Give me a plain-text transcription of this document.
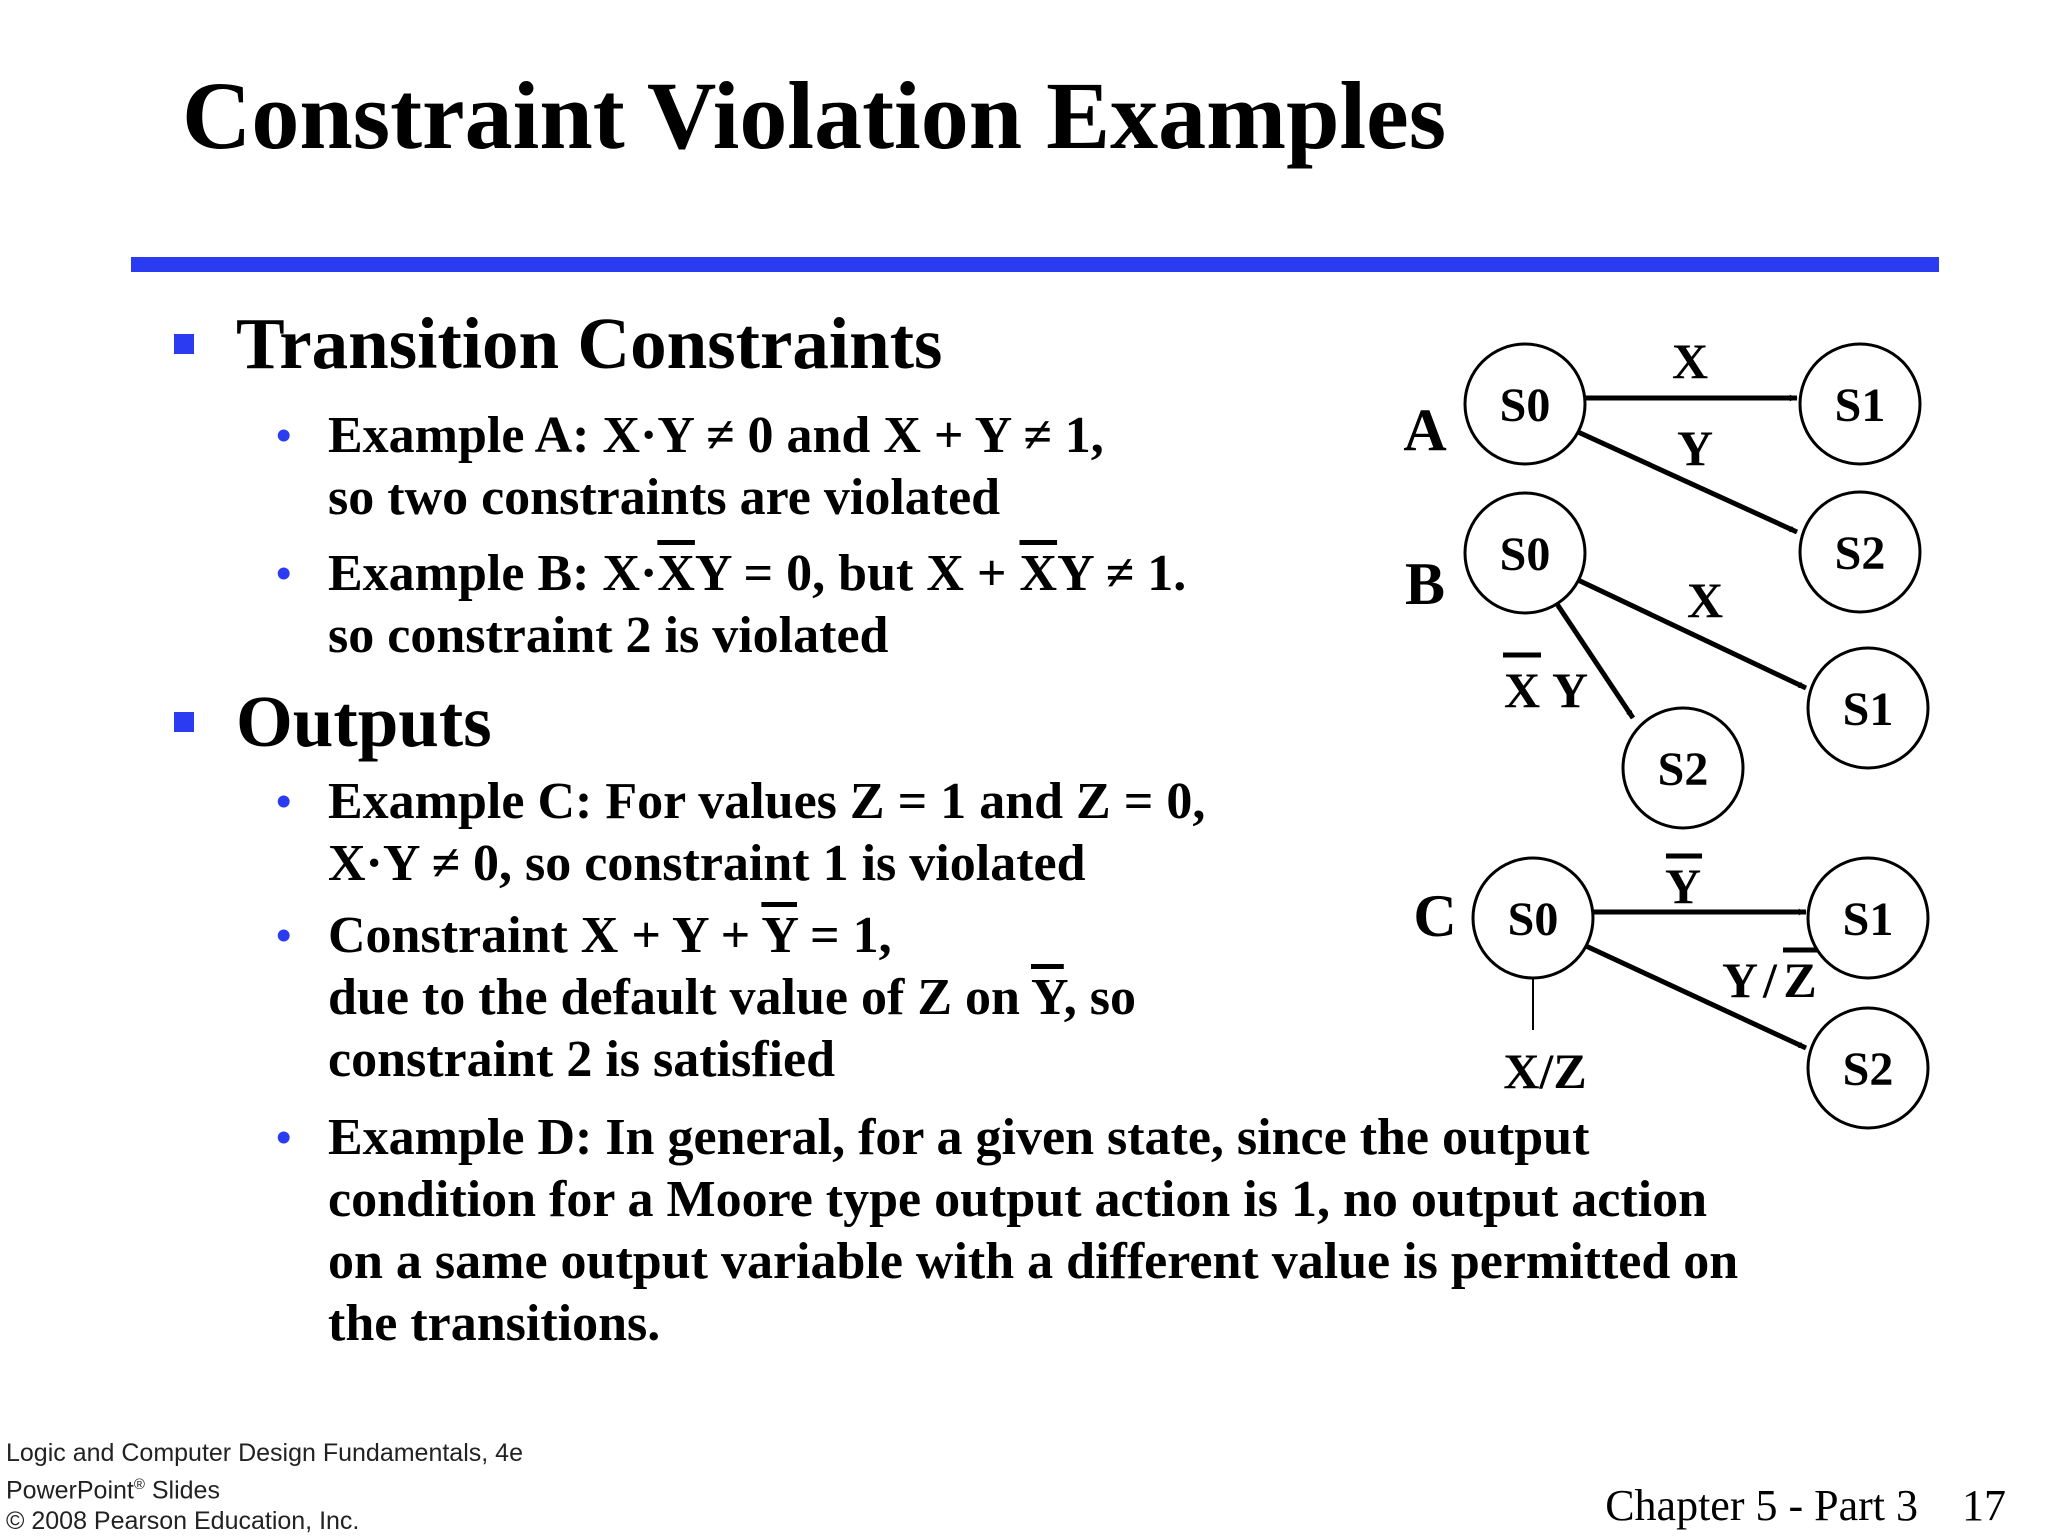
Constraint Violation Examples
Transition Constraints
• Example A: X·Y ≠ 0 and X + Y ≠ 1,
so two constraints are violated
• Example B: $X\cdot\overline{X}Y = 0$, but $X + \overline{X}Y \ne 1$.
so constraint 2 is violated
Outputs
• Example C: For values Z = 1 and Z = 0,
X·Y ≠ 0, so constraint 1 is violated
• Constraint $X + Y + \overline{Y} = 1$,
due to the default value of Z on $\overline{Y}$, so
constraint 2 is satisfied
• Example D: In general, for a given state, since the output
condition for a Moore type output action is 1, no output action
on a same output variable with a different value is permitted on
the transitions.
S0	S1
S2
S0
S1
S2
S0	S1
S2
A
B
C
X
Y
X
X Y
Y
Y / Z
X/Z
Logic and Computer Design Fundamentals, 4e
PowerPoint® Slides
© 2008 Pearson Education, Inc.	Chapter 5 - Part 3 17
